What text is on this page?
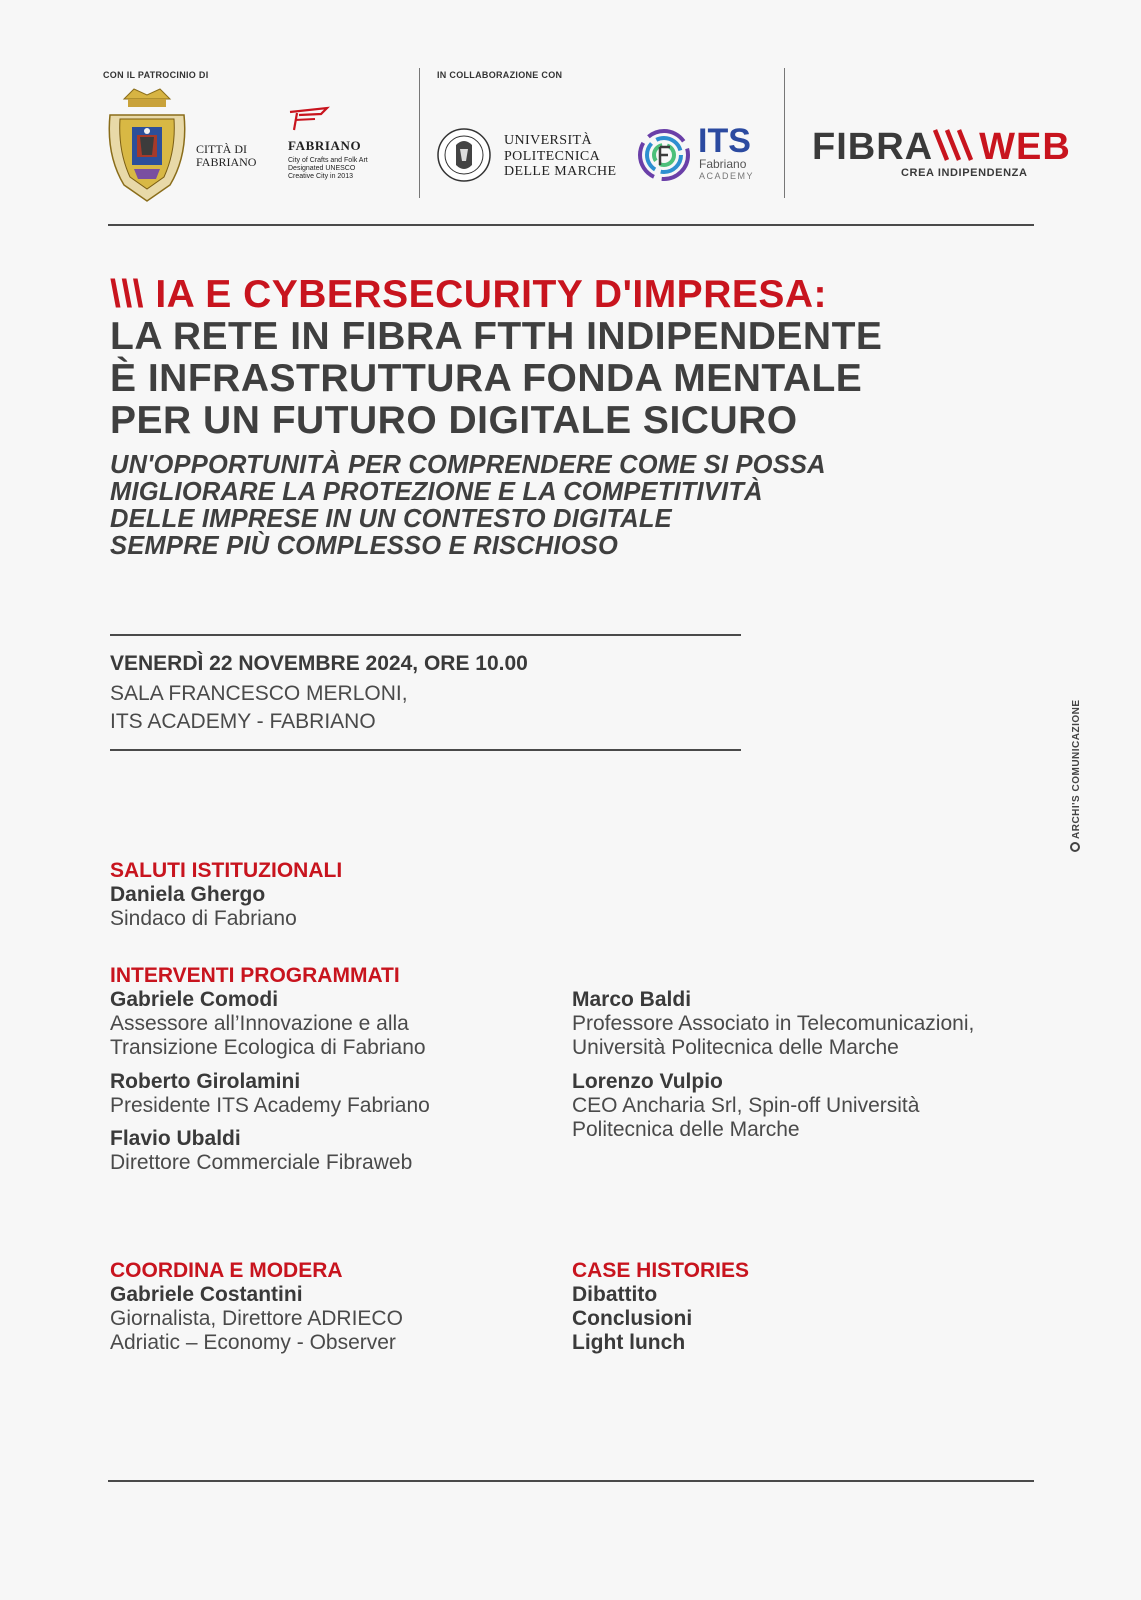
CON IL PATROCINIO DI
CITTÀ DI
FABRIANO
FABRIANO
City of Crafts and Folk Art
Designated UNESCO
Creative City in 2013
IN COLLABORAZIONE CON
UNIVERSITÀ
POLITECNICA
DELLE MARCHE
ITS
Fabriano
ACADEMY
FIBRA WEB
CREA INDIPENDENZA
\\\ IA E CYBERSECURITY D'IMPRESA:
LA RETE IN FIBRA FTTH INDIPENDENTE
È INFRASTRUTTURA FONDA MENTALE
PER UN FUTURO DIGITALE SICURO
UN'OPPORTUNITÀ PER COMPRENDERE COME SI POSSA
MIGLIORARE LA PROTEZIONE E LA COMPETITIVITÀ
DELLE IMPRESE IN UN CONTESTO DIGITALE
SEMPRE PIÙ COMPLESSO E RISCHIOSO
VENERDÌ 22 NOVEMBRE 2024, ORE 10.00
SALA FRANCESCO MERLONI,
ITS ACADEMY - FABRIANO	ARCHI'S COMUNICAZIONE
SALUTI ISTITUZIONALI
Daniela Ghergo
Sindaco di Fabriano
INTERVENTI PROGRAMMATI
Gabriele Comodi
Assessore all’Innovazione e alla
Transizione Ecologica di Fabriano
Roberto Girolamini
Presidente ITS Academy Fabriano
Flavio Ubaldi
Direttore Commerciale Fibraweb
Marco Baldi
Professore Associato in Telecomunicazioni,
Università Politecnica delle Marche
Lorenzo Vulpio
CEO Ancharia Srl, Spin-off Università
Politecnica delle Marche
COORDINA E MODERA
Gabriele Costantini
Giornalista, Direttore ADRIECO
Adriatic – Economy - Observer
CASE HISTORIES
Dibattito
Conclusioni
Light lunch
